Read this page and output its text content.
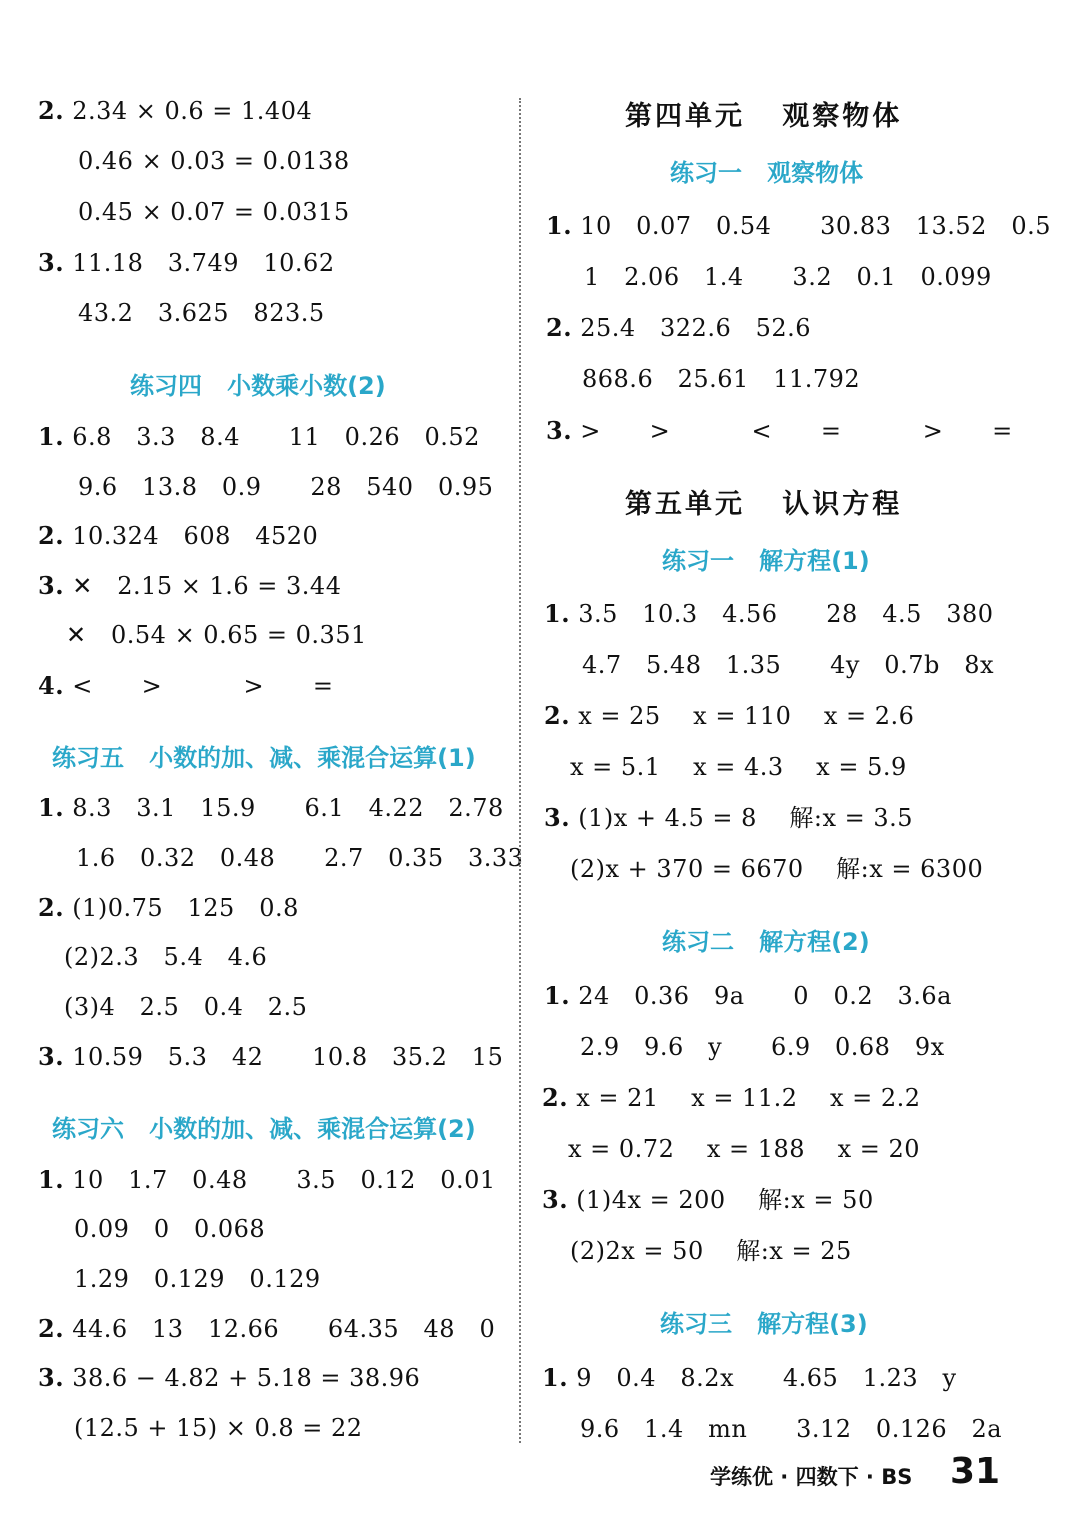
2. 2.34 × 0.6 = 1.404
0.46 × 0.03 = 0.0138
0.45 × 0.07 = 0.0315
3. 11.18   3.749   10.62
43.2   3.625   823.5
练习四   小数乘小数(2)
1. 6.8   3.3   8.4      11   0.26   0.52
9.6   13.8   0.9      28   540   0.95
2. 10.324   608   4520
3. ✕   2.15 × 1.6 = 3.44
✕   0.54 × 0.65 = 0.351
4. <      >          >      =
练习五   小数的加、减、乘混合运算(1)
1. 8.3   3.1   15.9      6.1   4.22   2.78
1.6   0.32   0.48      2.7   0.35   3.33
2. (1)0.75   125   0.8
(2)2.3   5.4   4.6
(3)4   2.5   0.4   2.5
3. 10.59   5.3   42      10.8   35.2   15
练习六   小数的加、减、乘混合运算(2)
1. 10   1.7   0.48      3.5   0.12   0.01
0.09   0   0.068
1.29   0.129   0.129
2. 44.6   13   12.66      64.35   48   0
3. 38.6 − 4.82 + 5.18 = 38.96
(12.5 + 15) × 0.8 = 22
第四单元   观察物体
练习一   观察物体
1. 10   0.07   0.54      30.83   13.52   0.5
1   2.06   1.4      3.2   0.1   0.099
2. 25.4   322.6   52.6
868.6   25.61   11.792
3. >      >          <      =          >      =
第五单元   认识方程
练习一   解方程(1)
1. 3.5   10.3   4.56      28   4.5   380
4.7   5.48   1.35      4y   0.7b   8x
2. x = 25    x = 110    x = 2.6
x = 5.1    x = 4.3    x = 5.9
3. (1)x + 4.5 = 8    解:x = 3.5
(2)x + 370 = 6670    解:x = 6300
练习二   解方程(2)
1. 24   0.36   9a      0   0.2   3.6a
2.9   9.6   y      6.9   0.68   9x
2. x = 21    x = 11.2    x = 2.2
x = 0.72    x = 188    x = 20
3. (1)4x = 200    解:x = 50
(2)2x = 50    解:x = 25
练习三   解方程(3)
1. 9   0.4   8.2x      4.65   1.23   y
9.6   1.4   mn      3.12   0.126   2a
学练优 · 四数下 · BS 31
